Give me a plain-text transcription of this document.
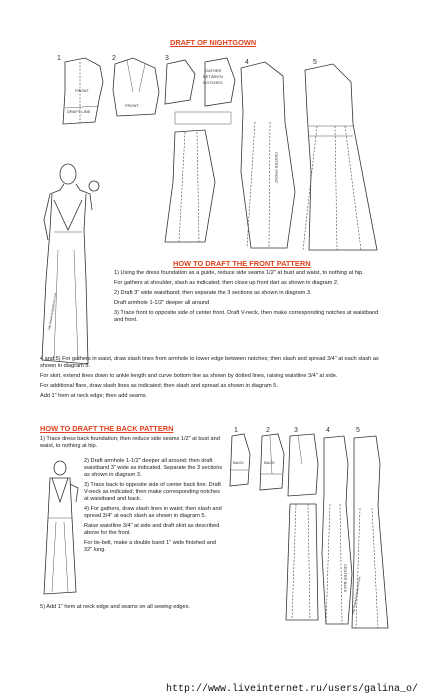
DRAFT OF NIGHTGOWN
1	2	3
4	5
DRAFT LINE
FRONT
FRONT
GATHER
BETWEEN
NOTCHES
CENTER FRONT
http://www.bestpatterns.com
HOW TO DRAFT THE FRONT PATTERN
1) Using the dress foundation as a guide, reduce side seams 1/2" at bust and waist, to nothing at hip.
For gathers at shoulder, slash as indicated; then close up front dart as shown in diagram 2.
2) Draft 3" wide waistband; then separate the 3 sections as shown in diagram 3.
Draft armhole 1-1/2" deeper all around
3) Trace front to opposite side of center front. Draft V-neck, then make corresponding notches at waistband and front.
4 and 5) For gathers in waist, draw slash lines from armhole to lower edge between notches; then slash and spread 3/4" at each slash as shown in diagram 5.
For skirt, extend lines down to ankle length and curve bottom line as shown by dotted lines, raising waistline 3/4" at side.
For additional flare, draw slash lines as indicated; then slash and spread as shown in diagram 5.
Add 1" hem at neck edge; then add seams.
HOW TO DRAFT THE BACK PATTERN
1) Trace dress back foundation; then reduce side seams 1/2" at bust and waist, to nothing at hip.
2) Draft armhole 1-1/2" deeper all around; then draft waistband 3" wide as indicated. Separate the 3 sections as shown in diagram 3.
3) Trace back to opposite side of center back line. Draft V-neck as indicated; then make corresponding notches at waistband and back.
4) For gathers, draw slash lines in waist; then slash and spread 3/4" at each slash as shown in diagram 5.
Raise waistline 3/4" at side and draft skirt as described above for the front.
For tie-belt, make a double band 1" wide finished and 32" long.
5) Add 1" hem at neck edge and seams on all sewing edges.
1	2	3	4	5
BACK	BACK
CENTER BACK http://www.bestpatterns.com
http://www.liveinternet.ru/users/galina_o/
